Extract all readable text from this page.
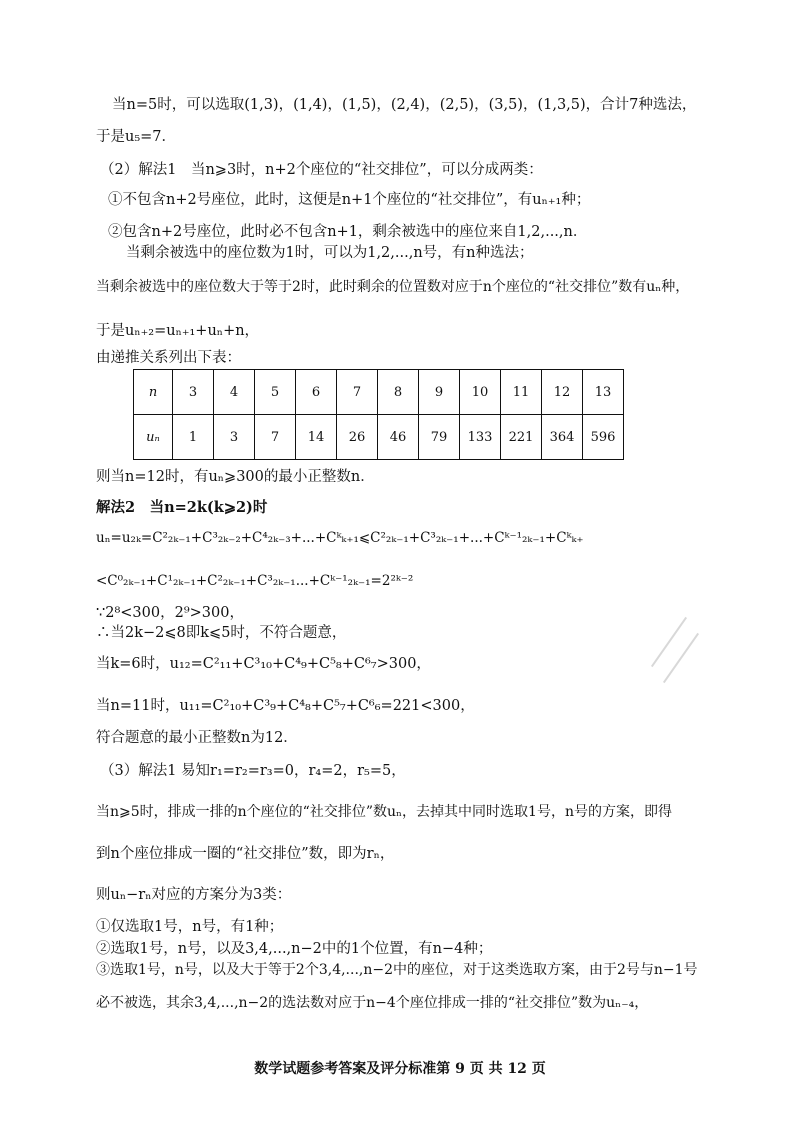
当n=5时，可以选取(1,3)，(1,4)，(1,5)，(2,4)，(2,5)，(3,5)，(1,3,5)，合计7种选法，
于是u₅=7．
（2）解法1　当n⩾3时，n+2个座位的“社交排位”，可以分成两类：
①不包含n+2号座位，此时，这便是n+1个座位的“社交排位”，有uₙ₊₁种；
②包含n+2号座位，此时必不包含n+1，剩余被选中的座位来自1,2,...,n．
当剩余被选中的座位数为1时，可以为1,2,...,n号，有n种选法；
当剩余被选中的座位数大于等于2时，此时剩余的位置数对应于n个座位的“社交排位”数有uₙ种，
于是uₙ₊₂=uₙ₊₁+uₙ+n，
由递推关系列出下表：
n	3	4	5	6	7	8	9	10	11	12	13
uₙ	1	3	7	14	26	46	79	133	221	364	596
则当n=12时，有uₙ⩾300的最小正整数n．
解法2　当n=2k(k⩾2)时
uₙ=u₂ₖ=C²₂ₖ₋₁+C³₂ₖ₋₂+C⁴₂ₖ₋₃+...+Cᵏₖ₊₁⩽C²₂ₖ₋₁+C³₂ₖ₋₁+...+Cᵏ⁻¹₂ₖ₋₁+Cᵏₖ₊
<C⁰₂ₖ₋₁+C¹₂ₖ₋₁+C²₂ₖ₋₁+C³₂ₖ₋₁...+Cᵏ⁻¹₂ₖ₋₁=2²ᵏ⁻²
∵2⁸<300，2⁹>300，
∴当2k−2⩽8即k⩽5时，不符合题意，
当k=6时，u₁₂=C²₁₁+C³₁₀+C⁴₉+C⁵₈+C⁶₇>300，
当n=11时，u₁₁=C²₁₀+C³₉+C⁴₈+C⁵₇+C⁶₆=221<300，
符合题意的最小正整数n为12．
（3）解法1 易知r₁=r₂=r₃=0，r₄=2，r₅=5，
当n⩾5时，排成一排的n个座位的“社交排位”数uₙ，去掉其中同时选取1号，n号的方案，即得
到n个座位排成一圈的“社交排位”数，即为rₙ，
则uₙ−rₙ对应的方案分为3类：
①仅选取1号，n号，有1种；
②选取1号，n号，以及3,4,...,n−2中的1个位置，有n−4种；
③选取1号，n号，以及大于等于2个3,4,...,n−2中的座位，对于这类选取方案，由于2号与n−1号
必不被选，其余3,4,...,n−2的选法数对应于n−4个座位排成一排的“社交排位”数为uₙ₋₄，
数学试题参考答案及评分标准第 9 页 共 12 页
